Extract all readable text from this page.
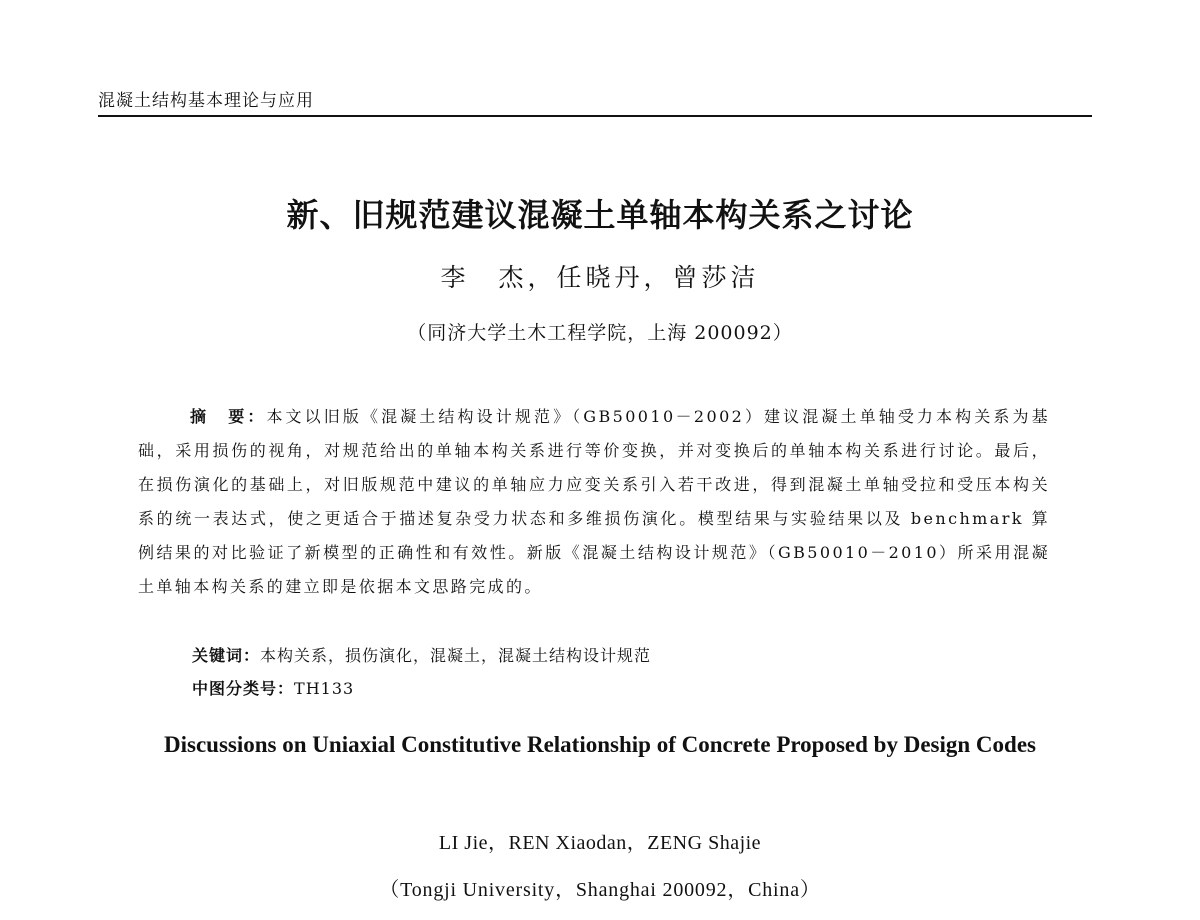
混凝土结构基本理论与应用
新、旧规范建议混凝土单轴本构关系之讨论
李　杰，任晓丹，曾莎洁
（同济大学土木工程学院，上海 200092）
摘　要：本文以旧版《混凝土结构设计规范》（GB50010－2002）建议混凝土单轴受力本构关系为基础，采用损伤的视角，对规范给出的单轴本构关系进行等价变换，并对变换后的单轴本构关系进行讨论。最后，在损伤演化的基础上，对旧版规范中建议的单轴应力应变关系引入若干改进，得到混凝土单轴受拉和受压本构关系的统一表达式，使之更适合于描述复杂受力状态和多维损伤演化。模型结果与实验结果以及 benchmark 算例结果的对比验证了新模型的正确性和有效性。新版《混凝土结构设计规范》（GB50010－2010）所采用混凝土单轴本构关系的建立即是依据本文思路完成的。
关键词：本构关系，损伤演化，混凝土，混凝土结构设计规范
中图分类号：TH133
Discussions on Uniaxial Constitutive Relationship of Concrete Proposed by Design Codes
LI Jie，REN Xiaodan，ZENG Shajie
（Tongji University，Shanghai 200092，China）
